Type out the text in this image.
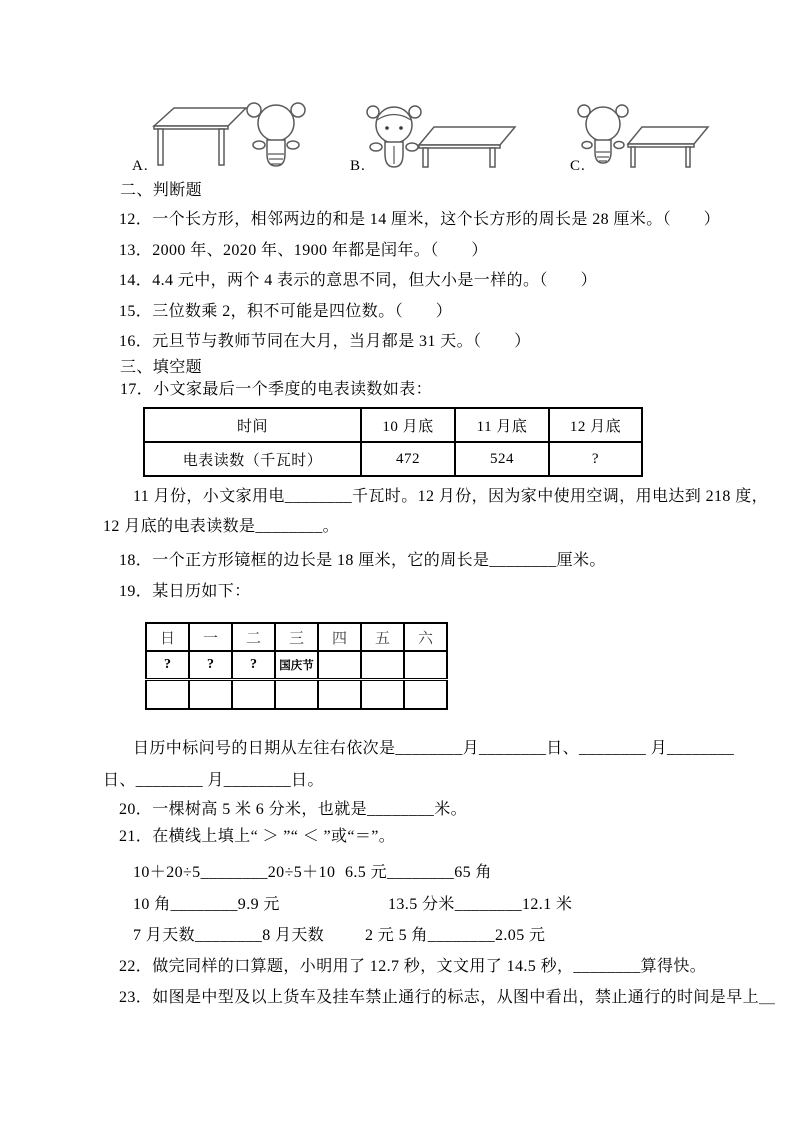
A.	B.	C.
二、判断题
12．一个长方形，相邻两边的和是 14 厘米，这个长方形的周长是 28 厘米。（　　）
13．2000 年、2020 年、1900 年都是闰年。（　　）
14．4.4 元中，两个 4 表示的意思不同，但大小是一样的。（　　）
15．三位数乘 2，积不可能是四位数。（　　）
16．元旦节与教师节同在大月，当月都是 31 天。（　　）
三、填空题
17．小文家最后一个季度的电表读数如表：
时间	10 月底	11 月底	12 月底
电表读数（千瓦时）	472	524	?
11 月份，小文家用电________千瓦时。12 月份，因为家中使用空调，用电达到 218 度，
12 月底的电表读数是________。
18．一个正方形镜框的边长是 18 厘米，它的周长是________厘米。
19．某日历如下：
日	一	二	三	四	五	六
?	?	?	国庆节			

日历中标问号的日期从左往右依次是________月________日、________ 月________
日、________ 月________日。
20．一棵树高 5 米 6 分米，也就是________米。
21．在横线上填上“ ＞ ”“ ＜ ”或“＝”。
10＋20÷5________20÷5＋10 6.5 元________65 角
10 角________9.9 元	13.5 分米________12.1 米
7 月天数________8 月天数	2 元 5 角________2.05 元
22．做完同样的口算题，小明用了 12.7 秒，文文用了 14.5 秒，________算得快。
23．如图是中型及以上货车及挂车禁止通行的标志，从图中看出，禁止通行的时间是早上＿
